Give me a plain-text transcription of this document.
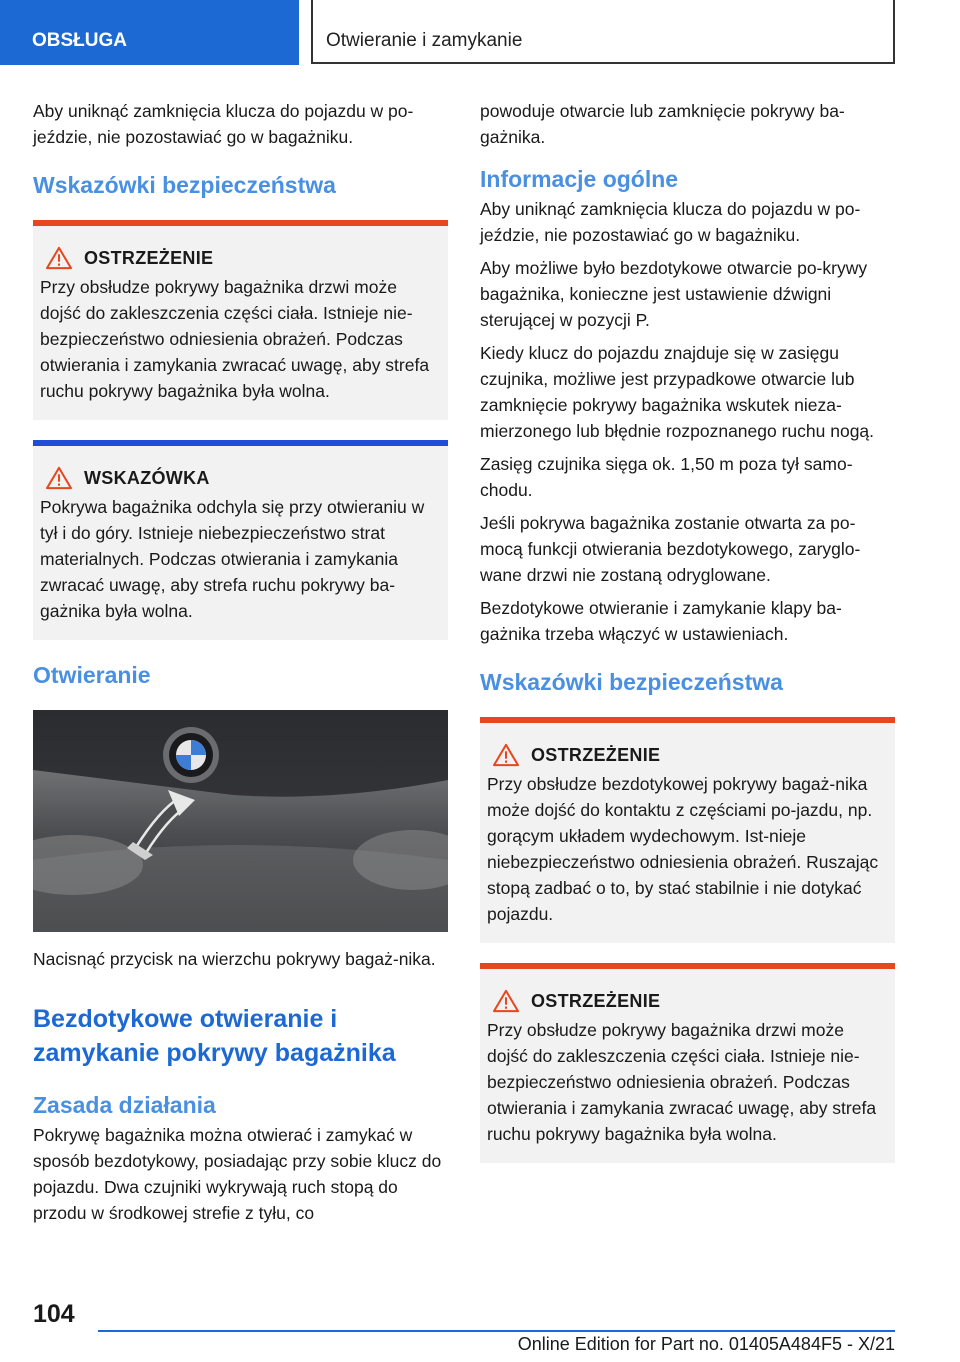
OBSŁUGA	Otwieranie i zamykanie

Aby uniknąć zamknięcia klucza do pojazdu w po-jeździe, nie pozostawiać go w bagażniku.

Wskazówki bezpieczeństwa
OSTRZEŻENIE

Przy obsłudze pokrywy bagażnika drzwi może dojść do zakleszczenia części ciała. Istnieje nie-bezpieczeństwo odniesienia obrażeń. Podczas otwierania i zamykania zwracać uwagę, aby strefa ruchu pokrywy bagażnika była wolna.

WSKAZÓWKA

Pokrywa bagażnika odchyla się przy otwieraniu w tył i do góry. Istnieje niebezpieczeństwo strat materialnych. Podczas otwierania i zamykania zwracać uwagę, aby strefa ruchu pokrywy ba-gażnika była wolna.

Otwieranie

Nacisnąć przycisk na wierzchu pokrywy bagaż-nika.

Bezdotykowe otwieranie i zamykanie pokrywy bagażnika
Zasada działania

Pokrywę bagażnika można otwierać i zamykać w sposób bezdotykowy, posiadając przy sobie klucz do pojazdu. Dwa czujniki wykrywają ruch stopą do przodu w środkowej strefie z tyłu, co

powoduje otwarcie lub zamknięcie pokrywy ba-gażnika.

Informacje ogólne

Aby uniknąć zamknięcia klucza do pojazdu w po-jeździe, nie pozostawiać go w bagażniku.

Aby możliwe było bezdotykowe otwarcie po-krywy bagażnika, konieczne jest ustawienie dźwigni sterującej w pozycji P.

Kiedy klucz do pojazdu znajduje się w zasięgu czujnika, możliwe jest przypadkowe otwarcie lub zamknięcie pokrywy bagażnika wskutek nieza-mierzonego lub błędnie rozpoznanego ruchu nogą.

Zasięg czujnika sięga ok. 1,50 m poza tył samo-chodu.

Jeśli pokrywa bagażnika zostanie otwarta za po-mocą funkcji otwierania bezdotykowego, zaryglo-wane drzwi nie zostaną odryglowane.

Bezdotykowe otwieranie i zamykanie klapy ba-gażnika trzeba włączyć w ustawieniach.

Wskazówki bezpieczeństwa
OSTRZEŻENIE

Przy obsłudze bezdotykowej pokrywy bagaż-nika może dojść do kontaktu z częściami po-jazdu, np. gorącym układem wydechowym. Ist-nieje niebezpieczeństwo odniesienia obrażeń. Ruszając stopą zadbać o to, by stać stabilnie i nie dotykać pojazdu.

OSTRZEŻENIE

Przy obsłudze pokrywy bagażnika drzwi może dojść do zakleszczenia części ciała. Istnieje nie-bezpieczeństwo odniesienia obrażeń. Podczas otwierania i zamykania zwracać uwagę, aby strefa ruchu pokrywy bagażnika była wolna.

104
Online Edition for Part no. 01405A484F5 - X/21
